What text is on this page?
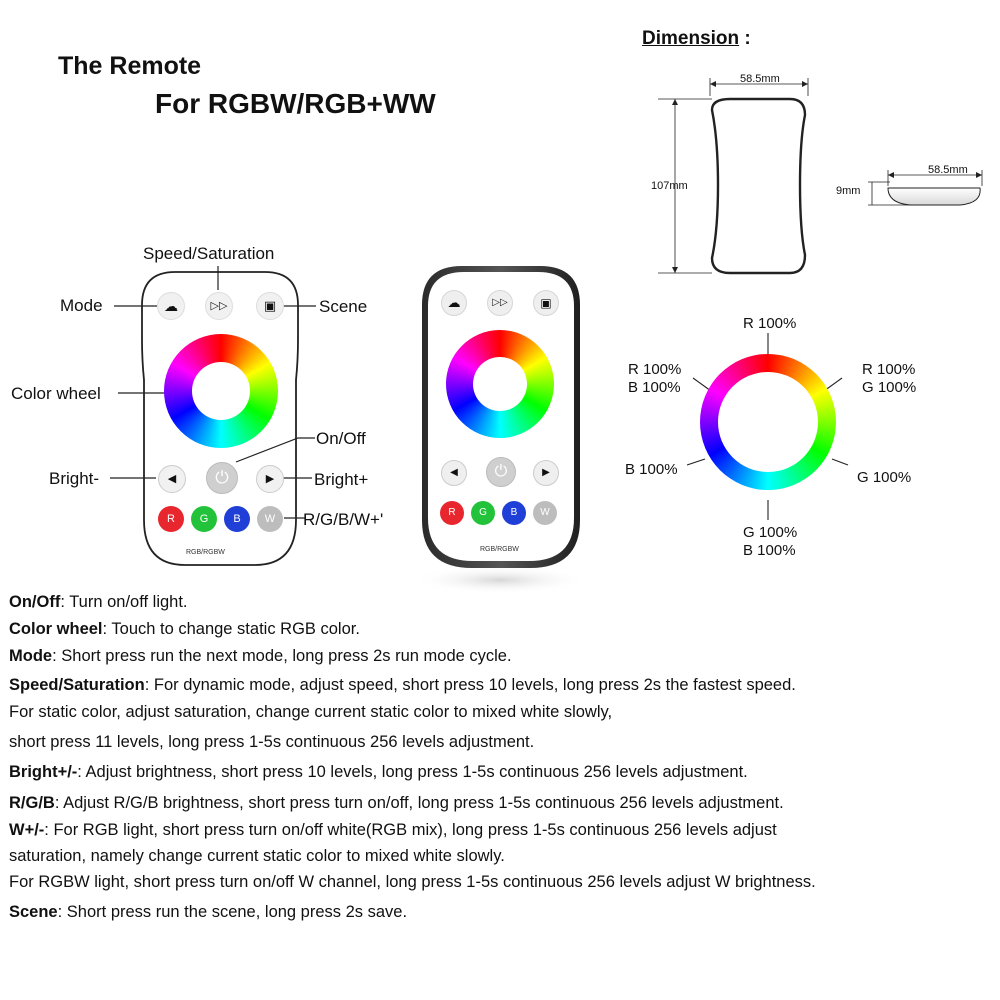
The Remote
For RGBW/RGB+WW
Dimension :
☁	▷▷	▣
◀	⏻	▶
R	G	B	W
RGB/RGBW
☁	▷▷	▣
◀	⏻	▶
R	G	B	W
RGB/RGBW
Speed/Saturation
Mode	Scene
Color wheel
On/Off
Bright-	Bright+
R/G/B/W+'
58.5mm
107mm
58.5mm
9mm
R 100%
R 100%
B 100%
R 100%
G 100%
B 100%	G 100%
G 100%
B 100%
On/Off: Turn on/off light.
Color wheel: Touch to change static RGB color.
Mode: Short press run the next mode, long press 2s run mode cycle.
Speed/Saturation: For dynamic mode, adjust speed, short press 10 levels, long press 2s the fastest speed.
For static color, adjust saturation, change current static color to mixed white slowly,
short press 11 levels, long press 1-5s continuous 256 levels adjustment.
Bright+/-: Adjust brightness, short press 10 levels, long press 1-5s continuous 256 levels adjustment.
R/G/B: Adjust R/G/B brightness, short press turn on/off, long press 1-5s continuous 256 levels adjustment.
W+/-: For RGB light, short press turn on/off white(RGB mix), long press 1-5s continuous 256 levels adjust
saturation, namely change current static color to mixed white slowly.
For RGBW light, short press turn on/off W channel, long press 1-5s continuous 256 levels adjust W brightness.
Scene: Short press run the scene, long press 2s save.
